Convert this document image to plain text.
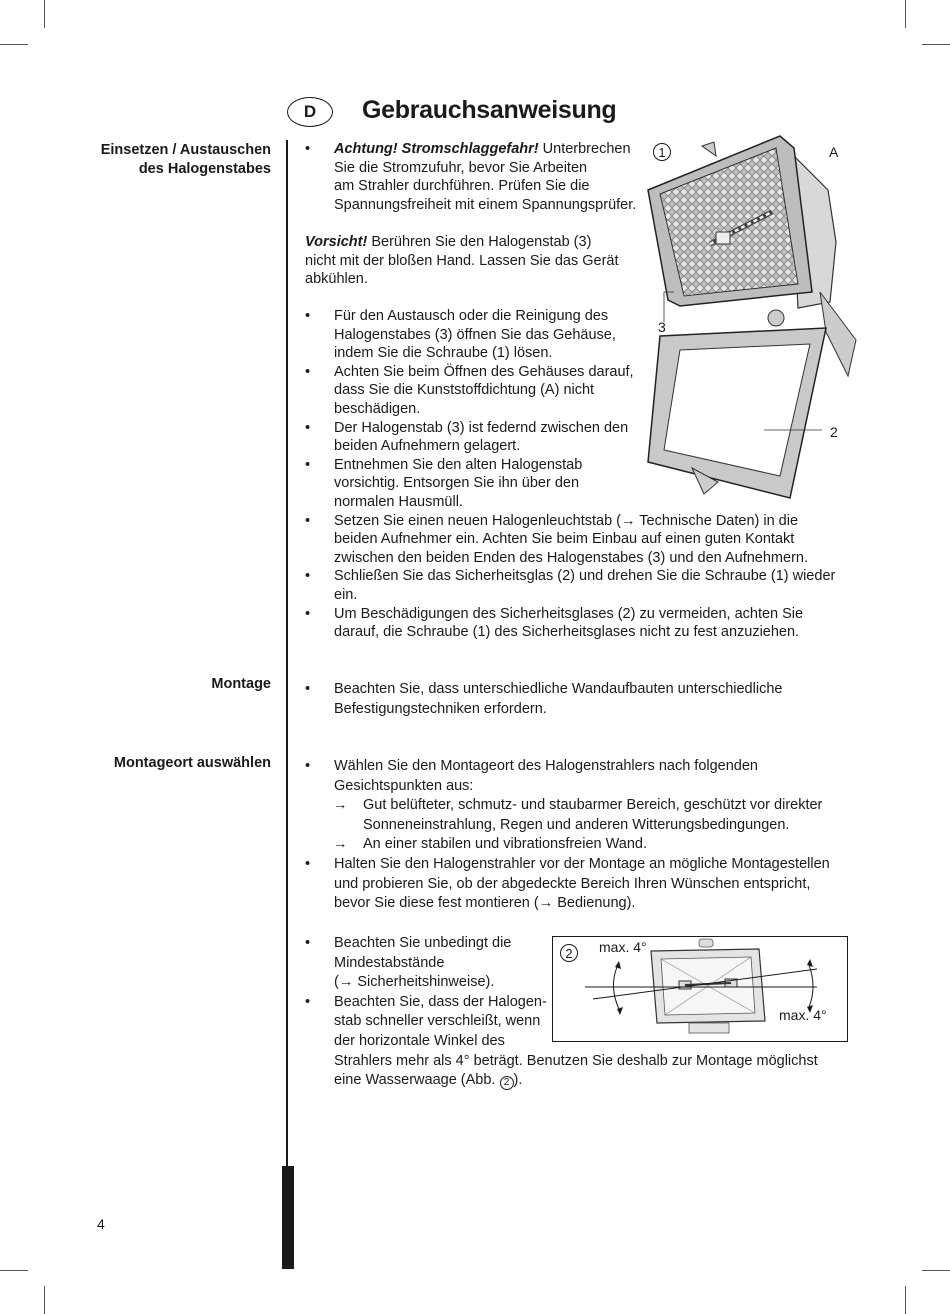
D Gebrauchsanweisung
Einsetzen / Austauschen
des Halogenstabes
• Achtung! Stromschlaggefahr! Unterbrechen
Sie die Stromzufuhr, bevor Sie Arbeiten
am Strahler durchführen. Prüfen Sie die
Spannungsfreiheit mit einem Spannungsprüfer.
Vorsicht! Berühren Sie den Halogenstab (3)
nicht mit der bloßen Hand. Lassen Sie das Gerät
abkühlen.
• Für den Austausch oder die Reinigung des
Halogenstabes (3) öffnen Sie das Gehäuse,
indem Sie die Schraube (1) lösen.
• Achten Sie beim Öffnen des Gehäuses darauf,
dass Sie die Kunststoffdichtung (A) nicht
beschädigen.
• Der Halogenstab (3) ist federnd zwischen den
beiden Aufnehmern gelagert.
• Entnehmen Sie den alten Halogenstab
vorsichtig. Entsorgen Sie ihn über den
normalen Hausmüll.
• Setzen Sie einen neuen Halogenleuchtstab (→ Technische Daten) in die
beiden Aufnehmer ein. Achten Sie beim Einbau auf einen guten Kontakt
zwischen den beiden Enden des Halogenstabes (3) und den Aufnehmern.
• Schließen Sie das Sicherheitsglas (2) und drehen Sie die Schraube (1) wieder
ein.
• Um Beschädigungen des Sicherheitsglases (2) zu vermeiden, achten Sie
darauf, die Schraube (1) des Sicherheitsglases nicht zu fest anzuziehen.
1	A
3
2
Montage • Beachten Sie, dass unterschiedliche Wandaufbauten unterschiedliche
Befestigungstechniken erfordern.
Montageort auswählen • Wählen Sie den Montageort des Halogenstrahlers nach folgenden
Gesichtspunkten aus:
→ Gut belüfteter, schmutz- und staubarmer Bereich, geschützt vor direkter
Sonneneinstrahlung, Regen und anderen Witterungsbedingungen.
→ An einer stabilen und vibrationsfreien Wand.
• Halten Sie den Halogenstrahler vor der Montage an mögliche Montagestellen
und probieren Sie, ob der abgedeckte Bereich Ihren Wünschen entspricht,
bevor Sie diese fest montieren (→ Bedienung).
• Beachten Sie unbedingt die
Mindestabstände
(→ Sicherheitshinweise).
• Beachten Sie, dass der Halogen-
stab schneller verschleißt, wenn
der horizontale Winkel des
Strahlers mehr als 4° beträgt. Benutzen Sie deshalb zur Montage möglichst
eine Wasserwaage (Abb. 2 ).
2	max. 4°
max. 4°
4
